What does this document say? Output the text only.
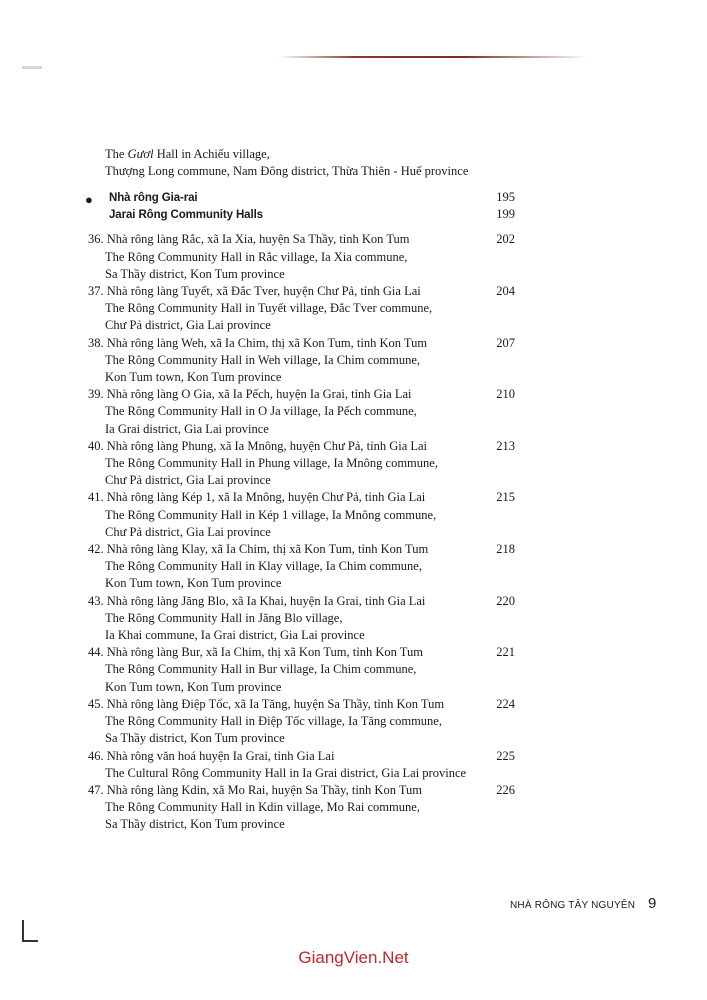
The Gươl Hall in Achiếu village,
Thượng Long commune, Nam Đông district, Thừa Thiên - Huế province
●	Nhà rông Gia-rai	195
Jarai Rông Community Halls	199
36. Nhà rông làng Rắc, xã Ia Xia, huyện Sa Thầy, tỉnh Kon Tum	202
The Rông Community Hall in Rắc village, Ia Xia commune,
Sa Thầy district, Kon Tum province
37. Nhà rông làng Tuyết, xã Đắc Tver, huyện Chư Pả, tỉnh Gia Lai	204
The Rông Community Hall in Tuyết village, Đắc Tver commune,
Chư Pả district, Gia Lai province
38. Nhà rông làng Weh, xã Ia Chim, thị xã Kon Tum, tỉnh Kon Tum	207
The Rông Community Hall in Weh village, Ia Chim commune,
Kon Tum town, Kon Tum province
39. Nhà rông làng O Gia, xã Ia Pếch, huyện Ia Grai, tỉnh Gia Lai	210
The Rông Community Hall in O Ja village, Ia Pếch commune,
Ia Grai district, Gia Lai province
40. Nhà rông làng Phung, xã Ia Mnông, huyện Chư Pả, tỉnh Gia Lai	213
The Rông Community Hall in Phung village, Ia Mnông commune,
Chư Pả district, Gia Lai province
41. Nhà rông làng Kép 1, xã Ia Mnông, huyện Chư Pả, tỉnh Gia Lai	215
The Rông Community Hall in Kép 1 village, Ia Mnông commune,
Chư Pả district, Gia Lai province
42. Nhà rông làng Klay, xã Ia Chim, thị xã Kon Tum, tỉnh Kon Tum	218
The Rông Community Hall in Klay village, Ia Chim commune,
Kon Tum town, Kon Tum province
43. Nhà rông làng Jăng Blo, xã Ia Khai, huyện Ia Grai, tỉnh Gia Lai	220
The Rông Community Hall in Jăng Blo village,
Ia Khai commune, Ia Grai district, Gia Lai province
44. Nhà rông làng Bur, xã Ia Chim, thị xã Kon Tum, tỉnh Kon Tum	221
The Rông Community Hall in Bur village, Ia Chim commune,
Kon Tum town, Kon Tum province
45. Nhà rông làng Điệp Tốc, xã Ia Tăng, huyện Sa Thầy, tỉnh Kon Tum	224
The Rông Community Hall in Điệp Tốc village, Ia Tăng commune,
Sa Thầy district, Kon Tum province
46. Nhà rông văn hoá huyện Ia Grai, tỉnh Gia Lai	225
The Cultural Rông Community Hall in Ia Grai district, Gia Lai province
47. Nhà rông làng Kdin, xã Mo Rai, huyện Sa Thầy, tỉnh Kon Tum	226
The Rông Community Hall in Kdin village, Mo Rai commune,
Sa Thầy district, Kon Tum province
NHÀ RÔNG TÂY NGUYÊN 9
GiangVien.Net
